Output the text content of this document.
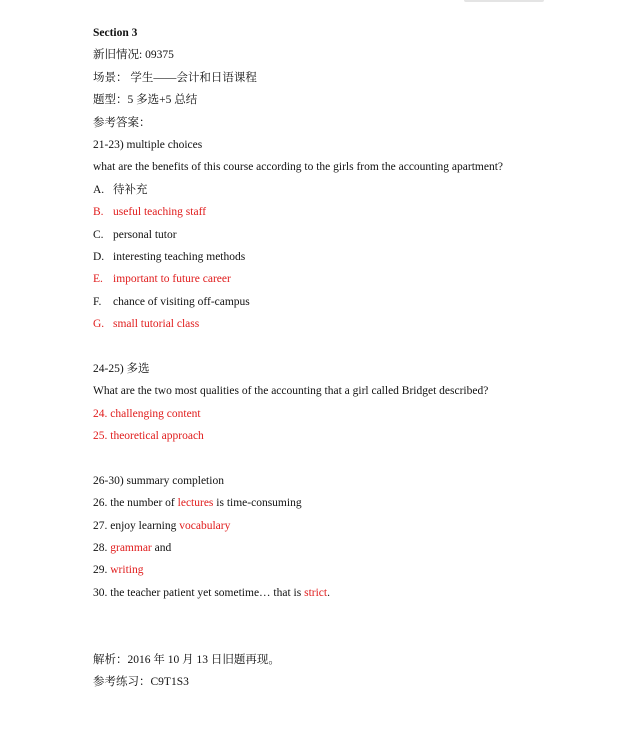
Section 3
新旧情况: 09375
场景： 学生——会计和日语课程
题型：5 多选+5 总结
参考答案：
21-23) multiple choices
what are the benefits of this course according to the girls from the accounting apartment?
A. 待补充
B. useful teaching staff
C. personal tutor
D. interesting teaching methods
E. important to future career
F.	chance of visiting off-campus
G. small tutorial class
24-25) 多选
What are the two most qualities of the accounting that a girl called Bridget described?
24. challenging content
25. theoretical approach
26-30) summary completion
26. the number of lectures is time-consuming
27. enjoy learning vocabulary
28. grammar and
29. writing
30. the teacher patient yet sometime… that is strict.
解析：2016 年 10 月 13 日旧题再现。
参考练习：C9T1S3
